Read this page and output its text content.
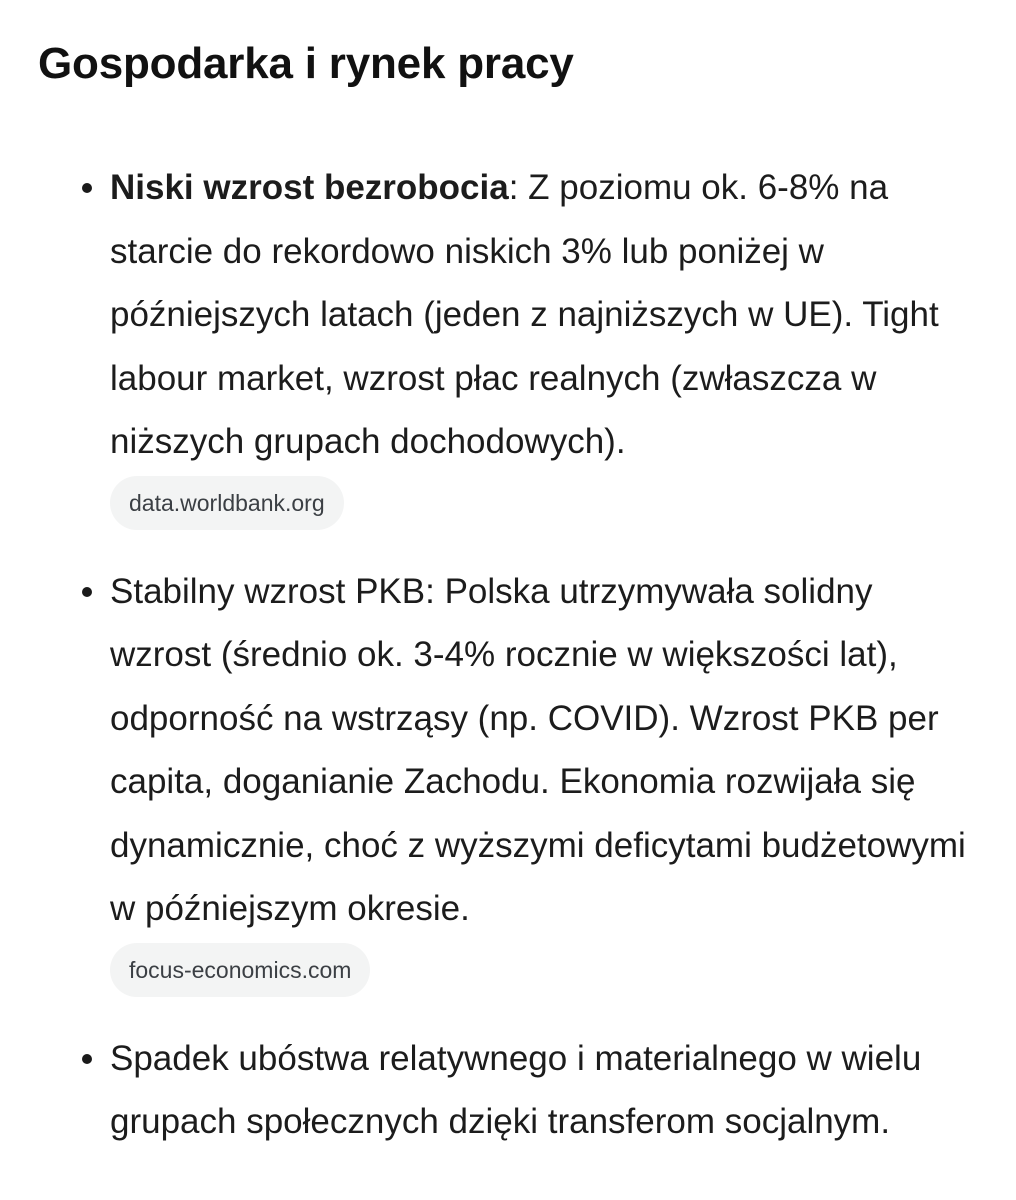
Gospodarka i rynek pracy

Niski wzrost bezrobocia: Z poziomu ok. 6-8% na starcie do rekordowo niskich 3% lub poniżej w późniejszych latach (jeden z najniższych w UE). Tight labour market, wzrost płac realnych (zwłaszcza w niższych grupach dochodowych).

data.worldbank.org

Stabilny wzrost PKB: Polska utrzymywała solidny wzrost (średnio ok. 3-4% rocznie w większości lat), odporność na wstrząsy (np. COVID). Wzrost PKB per capita, doganianie Zachodu. Ekonomia rozwijała się dynamicznie, choć z wyższymi deficytami budżetowymi w późniejszym okresie.

focus-economics.com

Spadek ubóstwa relatywnego i materialnego w wielu grupach społecznych dzięki transferom socjalnym.
